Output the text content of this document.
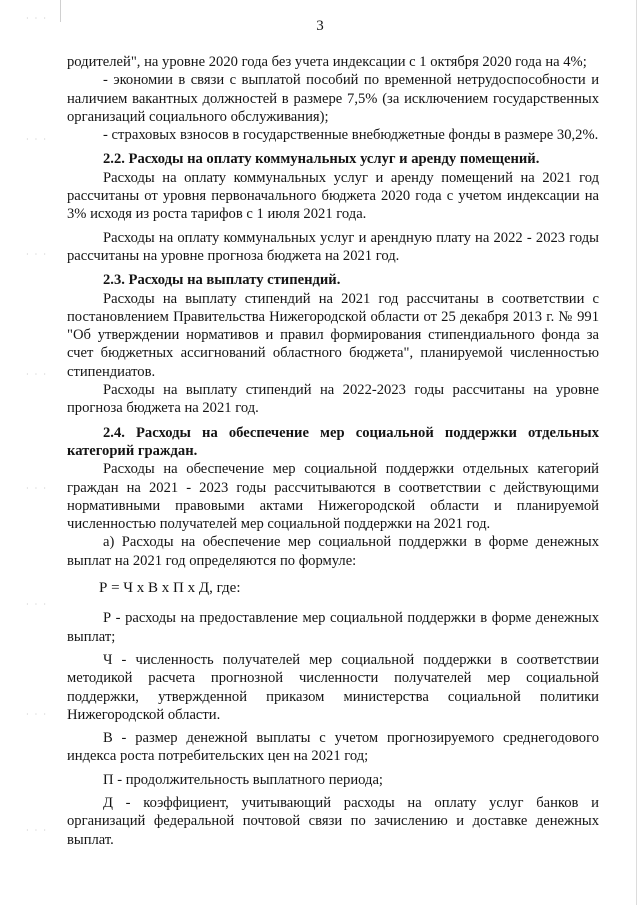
· · ·
· · ·
· · ·
· · ·
· · ·
· · ·
· · ·
· · ·
3

родителей", на уровне 2020 года без учета индексации с 1 октября 2020 года на 4%;

- экономии в связи с выплатой пособий по временной нетрудоспособности и наличием вакантных должностей в размере 7,5% (за исключением государственных организаций социального обслуживания);

- страховых взносов в государственные внебюджетные фонды в размере 30,2%.

2.2. Расходы на оплату коммунальных услуг и аренду помещений.

Расходы на оплату коммунальных услуг и аренду помещений на 2021 год рассчитаны от уровня первоначального бюджета 2020 года с учетом индексации на 3% исходя из роста тарифов с 1 июля 2021 года.

Расходы на оплату коммунальных услуг и арендную плату на 2022 - 2023 годы рассчитаны на уровне прогноза бюджета на 2021 год.

2.3. Расходы на выплату стипендий.

Расходы на выплату стипендий на 2021 год рассчитаны в соответствии с постановлением Правительства Нижегородской области от 25 декабря 2013 г. № 991 "Об утверждении нормативов и правил формирования стипендиального фонда за счет бюджетных ассигнований областного бюджета", планируемой численностью стипендиатов.

Расходы на выплату стипендий на 2022-2023 годы рассчитаны на уровне прогноза бюджета на 2021 год.

2.4. Расходы на обеспечение мер социальной поддержки отдельных категорий граждан.

Расходы на обеспечение мер социальной поддержки отдельных категорий граждан на 2021 - 2023 годы рассчитываются в соответствии с действующими нормативными правовыми актами Нижегородской области и планируемой численностью получателей мер социальной поддержки на 2021 год.

а) Расходы на обеспечение мер социальной поддержки в форме денежных выплат на 2021 год определяются по формуле:

Р = Ч х В х П х Д, где:

Р - расходы на предоставление мер социальной поддержки в форме денежных выплат;

Ч - численность получателей мер социальной поддержки в соответствии методикой расчета прогнозной численности получателей мер социальной поддержки, утвержденной приказом министерства социальной политики Нижегородской области.

В - размер денежной выплаты с учетом прогнозируемого среднегодового индекса роста потребительских цен на 2021 год;

П - продолжительность выплатного периода;

Д - коэффициент, учитывающий расходы на оплату услуг банков и организаций федеральной почтовой связи по зачислению и доставке денежных выплат.
